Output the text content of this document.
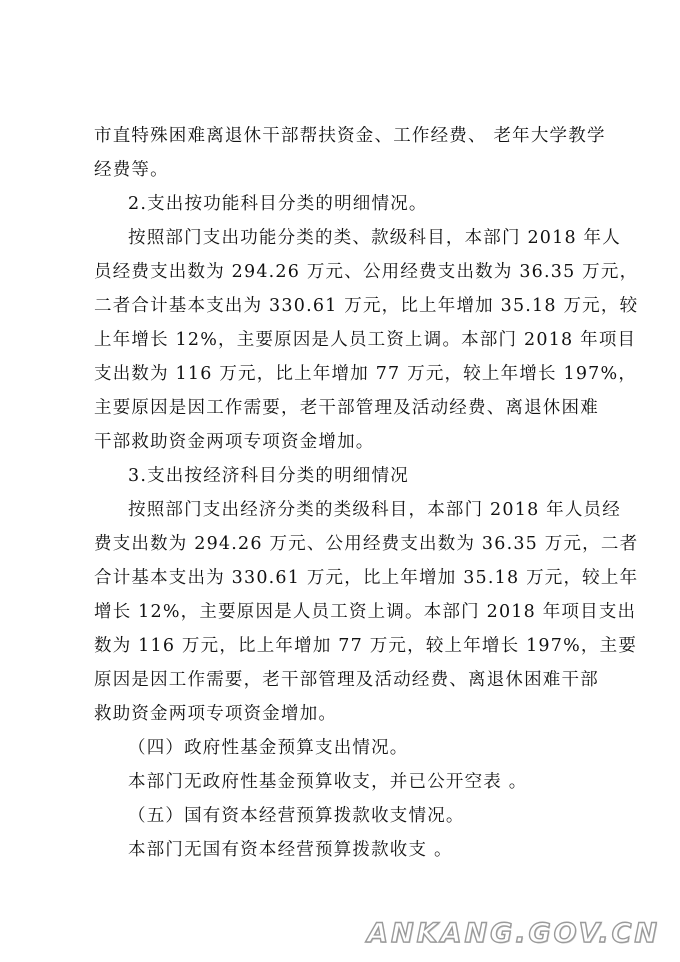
市直特殊困难离退休干部帮扶资金、工作经费、 老年大学教学
经费等。
2.支出按功能科目分类的明细情况。
按照部门支出功能分类的类、款级科目，本部门 2018 年人
员经费支出数为 294.26 万元、公用经费支出数为 36.35 万元，
二者合计基本支出为 330.61 万元，比上年增加 35.18 万元，较
上年增长 12%，主要原因是人员工资上调。本部门 2018 年项目
支出数为 116 万元，比上年增加 77 万元，较上年增长 197%，
主要原因是因工作需要，老干部管理及活动经费、离退休困难
干部救助资金两项专项资金增加。
3.支出按经济科目分类的明细情况
按照部门支出经济分类的类级科目，本部门 2018 年人员经
费支出数为 294.26 万元、公用经费支出数为 36.35 万元，二者
合计基本支出为 330.61 万元，比上年增加 35.18 万元，较上年
增长 12%，主要原因是人员工资上调。本部门 2018 年项目支出
数为 116 万元，比上年增加 77 万元，较上年增长 197%，主要
原因是因工作需要，老干部管理及活动经费、离退休困难干部
救助资金两项专项资金增加。
（四）政府性基金预算支出情况。
本部门无政府性基金预算收支，并已公开空表 。
（五）国有资本经营预算拨款收支情况。
本部门无国有资本经营预算拨款收支 。
ANKANG.GOV.CN
